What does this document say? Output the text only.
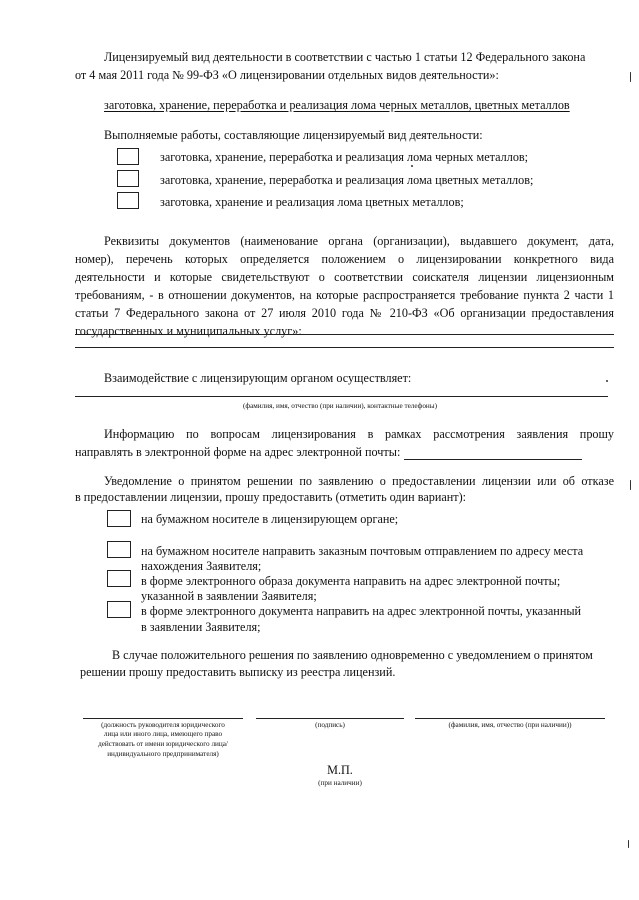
Лицензируемый вид деятельности в соответствии с частью 1 статьи 12 Федерального закона
от 4 мая 2011 года № 99-ФЗ «О лицензировании отдельных видов деятельности»:
заготовка, хранение, переработка и реализация лома черных металлов, цветных металлов
Выполняемые работы, составляющие лицензируемый вид деятельности:
заготовка, хранение, переработка и реализация лома черных металлов;
заготовка, хранение, переработка и реализация лома цветных металлов;
заготовка, хранение и реализация лома цветных металлов;
Реквизиты документов (наименование органа (организации), выдавшего документ, дата,
номер), перечень которых определяется положением о лицензировании конкретного вида
деятельности и которые свидетельствуют о соответствии соискателя лицензии лицензионным
требованиям, - в отношении документов, на которые распространяется требование пункта 2 части 1
статьи 7 Федерального закона от 27 июля 2010 года № 210-ФЗ «Об организации предоставления
государственных и муниципальных услуг»:
Взаимодействие с лицензирующим органом осуществляет:
(фамилия, имя, отчество (при наличии), контактные телефоны)
Информацию по вопросам лицензирования в рамках рассмотрения заявления прошу
направлять в электронной форме на адрес электронной почты:
Уведомление о принятом решении по заявлению о предоставлении лицензии или об отказе
в предоставлении лицензии, прошу предоставить (отметить один вариант):
на бумажном носителе в лицензирующем органе;
на бумажном носителе направить заказным почтовым отправлением по адресу места
нахождения Заявителя;
в форме электронного образа документа направить на адрес электронной почты;
указанной в заявлении Заявителя;
в форме электронного документа направить на адрес электронной почты, указанный
в заявлении Заявителя;
В случае положительного решения по заявлению одновременно с уведомлением о принятом
решении прошу предоставить выписку из реестра лицензий.
(должность руководителя юридического
лица или иного лица, имеющего право
действовать от имени юридического лица/
индивидуального предпринимателя)
(подпись)	(фамилия, имя, отчество (при наличии))
М.П.
(при наличии)
